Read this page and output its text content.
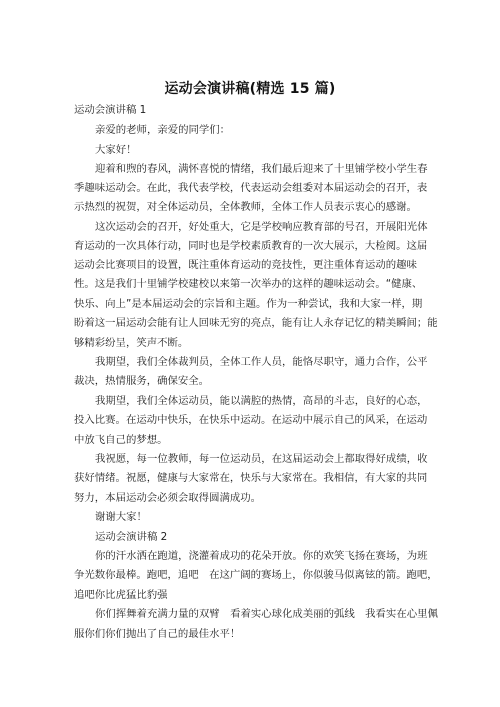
运动会演讲稿(精选 15 篇)
运动会演讲稿 1
亲爱的老师，亲爱的同学们：
大家好！
迎着和煦的春风，满怀喜悦的情绪，我们最后迎来了十里铺学校小学生春
季趣味运动会。在此，我代表学校，代表运动会组委对本届运动会的召开，表
示热烈的祝贺，对全体运动员，全体教师，全体工作人员表示衷心的感谢。
这次运动会的召开，好处重大，它是学校响应教育部的号召，开展阳光体
育运动的一次具体行动，同时也是学校素质教育的一次大展示，大检阅。这届
运动会比赛项目的设置，既注重体育运动的竞技性，更注重体育运动的趣味
性。这是我们十里铺学校建校以来第一次举办的这样的趣味运动会。“健康、
快乐、向上”是本届运动会的宗旨和主题。作为一种尝试，我和大家一样，期
盼着这一届运动会能有让人回味无穷的亮点，能有让人永存记忆的精美瞬间；能
够精彩纷呈，笑声不断。
我期望，我们全体裁判员，全体工作人员，能恪尽职守，通力合作，公平
裁决，热情服务，确保安全。
我期望，我们全体运动员，能以满腔的热情，高昂的斗志，良好的心态，
投入比赛。在运动中快乐，在快乐中运动。在运动中展示自己的风采，在运动
中放飞自己的梦想。
我祝愿，每一位教师，每一位运动员，在这届运动会上都取得好成绩，收
获好情绪。祝愿，健康与大家常在，快乐与大家常在。我相信，有大家的共同
努力，本届运动会必须会取得圆满成功。
谢谢大家！
运动会演讲稿 2
你的汗水洒在跑道，浇灌着成功的花朵开放。你的欢笑飞扬在赛场，为班
争光数你最棒。跑吧，追吧　在这广阔的赛场上，你似骏马似离铉的箭。跑吧，
追吧你比虎猛比豹强
你们挥舞着充满力量的双臂　看着实心球化成美丽的弧线　我看实在心里佩
服你们你们抛出了自己的最佳水平！
